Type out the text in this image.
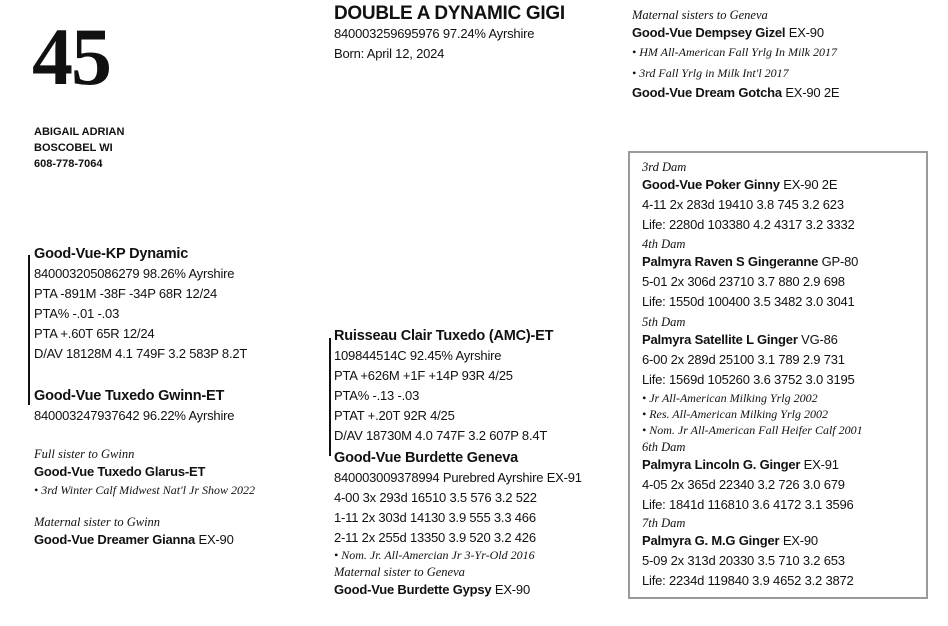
45
ABIGAIL ADRIAN
BOSCOBEL WI
608-778-7064
DOUBLE A DYNAMIC GIGI
840003259695976 97.24% Ayrshire
Born: April 12, 2024
Good-Vue-KP Dynamic
840003205086279 98.26% Ayrshire
PTA -891M -38F -34P 68R 12/24
PTA% -.01 -.03
PTA +.60T 65R 12/24
D/AV 18128M 4.1 749F 3.2 583P 8.2T
Good-Vue Tuxedo Gwinn-ET
840003247937642 96.22% Ayrshire
Full sister to Gwinn
Good-Vue Tuxedo Glarus-ET
• 3rd Winter Calf Midwest Nat'l Jr Show 2022
Maternal sister to Gwinn
Good-Vue Dreamer Gianna EX-90
Ruisseau Clair Tuxedo (AMC)-ET
109844514C 92.45% Ayrshire
PTA +626M +1F +14P 93R 4/25
PTA% -.13 -.03
PTAT +.20T 92R 4/25
D/AV 18730M 4.0 747F 3.2 607P 8.4T
Good-Vue Burdette Geneva
840003009378994 Purebred Ayrshire EX-91
4-00 3x 293d 16510 3.5 576 3.2 522
1-11 2x 303d 14130 3.9 555 3.3 466
2-11 2x 255d 13350 3.9 520 3.2 426
• Nom. Jr. All-Amercian Jr 3-Yr-Old 2016
Maternal sister to Geneva
Good-Vue Burdette Gypsy EX-90
Maternal sisters to Geneva
Good-Vue Dempsey Gizel EX-90
• HM All-American Fall Yrlg In Milk 2017
• 3rd Fall Yrlg in Milk Int'l 2017
Good-Vue Dream Gotcha EX-90 2E
3rd Dam
Good-Vue Poker Ginny EX-90 2E
4-11 2x 283d 19410 3.8 745 3.2 623
Life: 2280d 103380 4.2 4317 3.2 3332
4th Dam
Palmyra Raven S Gingeranne GP-80
5-01 2x 306d 23710 3.7 880 2.9 698
Life: 1550d 100400 3.5 3482 3.0 3041
5th Dam
Palmyra Satellite L Ginger VG-86
6-00 2x 289d 25100 3.1 789 2.9 731
Life: 1569d 105260 3.6 3752 3.0 3195
• Jr All-American Milking Yrlg 2002
• Res. All-American Milking Yrlg 2002
• Nom. Jr All-American Fall Heifer Calf 2001
6th Dam
Palmyra Lincoln G. Ginger EX-91
4-05 2x 365d 22340 3.2 726 3.0 679
Life: 1841d 116810 3.6 4172 3.1 3596
7th Dam
Palmyra G. M.G Ginger EX-90
5-09 2x 313d 20330 3.5 710 3.2 653
Life: 2234d 119840 3.9 4652 3.2 3872
